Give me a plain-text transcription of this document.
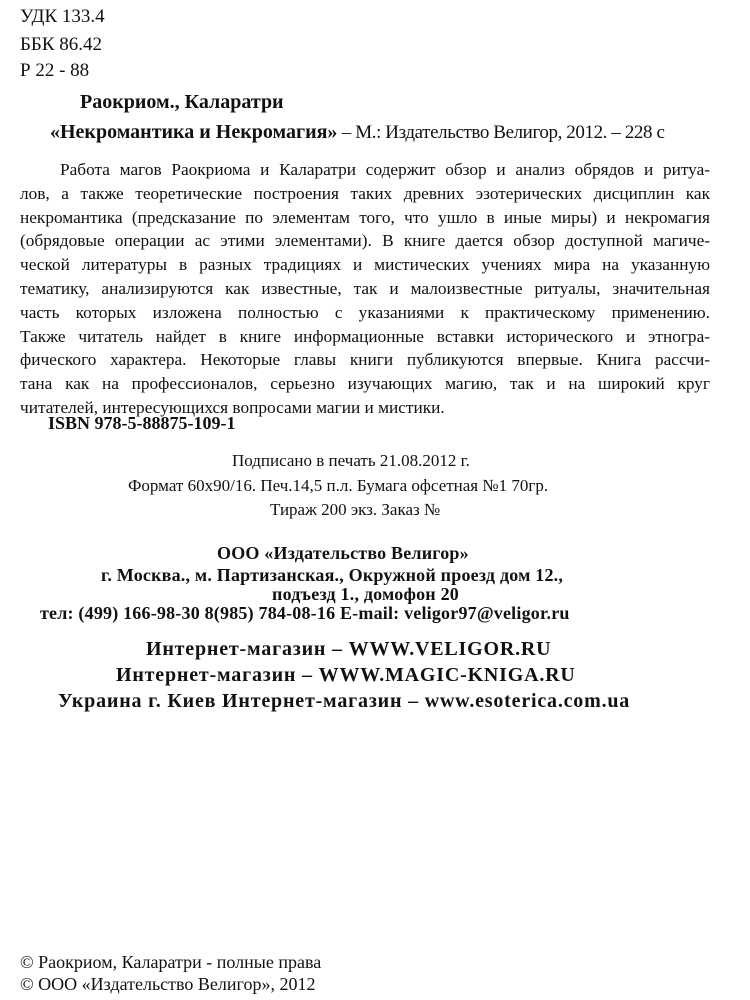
УДК 133.4
ББК 86.42
Р 22 - 88
Раокриом., Каларатри
«Некромантика и Некромагия» – М.: Издательство Велигор, 2012. – 228 с
Работа магов Раокриома и Каларатри содержит обзор и анализ обрядов и ритуа-
лов, а также теоретические построения таких древних эзотерических дисциплин как
некромантика (предсказание по элементам того, что ушло в иные миры) и некромагия
(обрядовые операции ас этими элементами). В книге дается обзор доступной магиче-
ческой литературы в разных традициях и мистических учениях мира на указанную
тематику, анализируются как известные, так и малоизвестные ритуалы, значительная
часть которых изложена полностью с указаниями к практическому применению.
Также читатель найдет в книге информационные вставки исторического и этногра-
фического характера. Некоторые главы книги публикуются впервые. Книга рассчи-
тана как на профессионалов, серьезно изучающих магию, так и на широкий круг
читателей, интересующихся вопросами магии и мистики.
ISBN 978-5-88875-109-1
Подписано в печать 21.08.2012 г.
Формат 60х90/16. Печ.14,5 п.л. Бумага офсетная №1 70гр.
Тираж 200 экз. Заказ №
ООО «Издательство Велигор»
г. Москва., м. Партизанская., Окружной проезд дом 12.,
подъезд 1., домофон 20
тел: (499) 166-98-30 8(985) 784-08-16 E-mail: veligor97@veligor.ru
Интернет-магазин – WWW.VELIGOR.RU
Интернет-магазин – WWW.MAGIC-KNIGA.RU
Украина г. Киев Интернет-магазин – www.esoterica.com.ua
© Раокриом, Каларатри - полные права
© ООО «Издательство Велигор», 2012
